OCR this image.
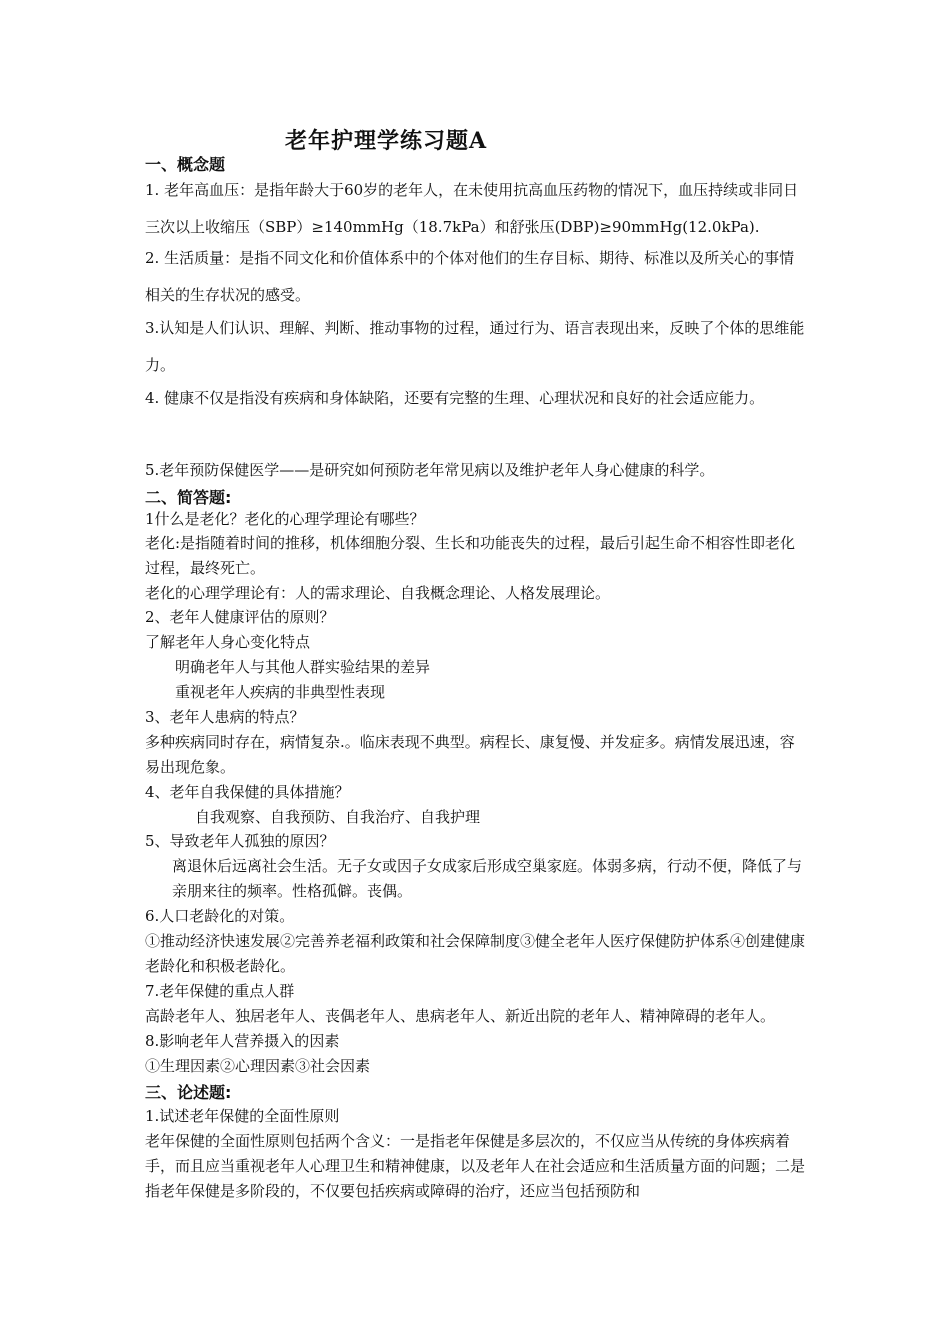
老年护理学练习题A
一、概念题

1. 老年高血压：是指年龄大于60岁的老年人，在未使用抗高血压药物的情况下，血压持续或非同日三次以上收缩压（SBP）≥140mmHg（18.7kPa）和舒张压(DBP)≥90mmHg(12.0kPa).

2. 生活质量：是指不同文化和价值体系中的个体对他们的生存目标、期待、标准以及所关心的事情相关的生存状况的感受。

3.认知是人们认识、理解、判断、推动事物的过程，通过行为、语言表现出来，反映了个体的思维能力。

4. 健康不仅是指没有疾病和身体缺陷，还要有完整的生理、心理状况和良好的社会适应能力。

5.老年预防保健医学——是研究如何预防老年常见病以及维护老年人身心健康的科学。

二、简答题:

1什么是老化？老化的心理学理论有哪些？

老化:是指随着时间的推移，机体细胞分裂、生长和功能丧失的过程，最后引起生命不相容性即老化过程，最终死亡。

老化的心理学理论有：人的需求理论、自我概念理论、人格发展理论。

2、老年人健康评估的原则？

了解老年人身心变化特点

明确老年人与其他人群实验结果的差异

重视老年人疾病的非典型性表现

3、老年人患病的特点？

多种疾病同时存在，病情复杂.。临床表现不典型。病程长、康复慢、并发症多。病情发展迅速，容易出现危象。

4、老年自我保健的具体措施？

自我观察、自我预防、自我治疗、自我护理

5、导致老年人孤独的原因？

离退休后远离社会生活。无子女或因子女成家后形成空巢家庭。体弱多病，行动不便，降低了与亲朋来往的频率。性格孤僻。丧偶。

6.人口老龄化的对策。

①推动经济快速发展②完善养老福利政策和社会保障制度③健全老年人医疗保健防护体系④创建健康老龄化和积极老龄化。

7.老年保健的重点人群

高龄老年人、独居老年人、丧偶老年人、患病老年人、新近出院的老年人、精神障碍的老年人。

8.影响老年人营养摄入的因素

①生理因素②心理因素③社会因素

三、论述题:

1.试述老年保健的全面性原则

老年保健的全面性原则包括两个含义：一是指老年保健是多层次的，不仅应当从传统的身体疾病着手，而且应当重视老年人心理卫生和精神健康，以及老年人在社会适应和生活质量方面的问题；二是指老年保健是多阶段的，不仅要包括疾病或障碍的治疗，还应当包括预防和
